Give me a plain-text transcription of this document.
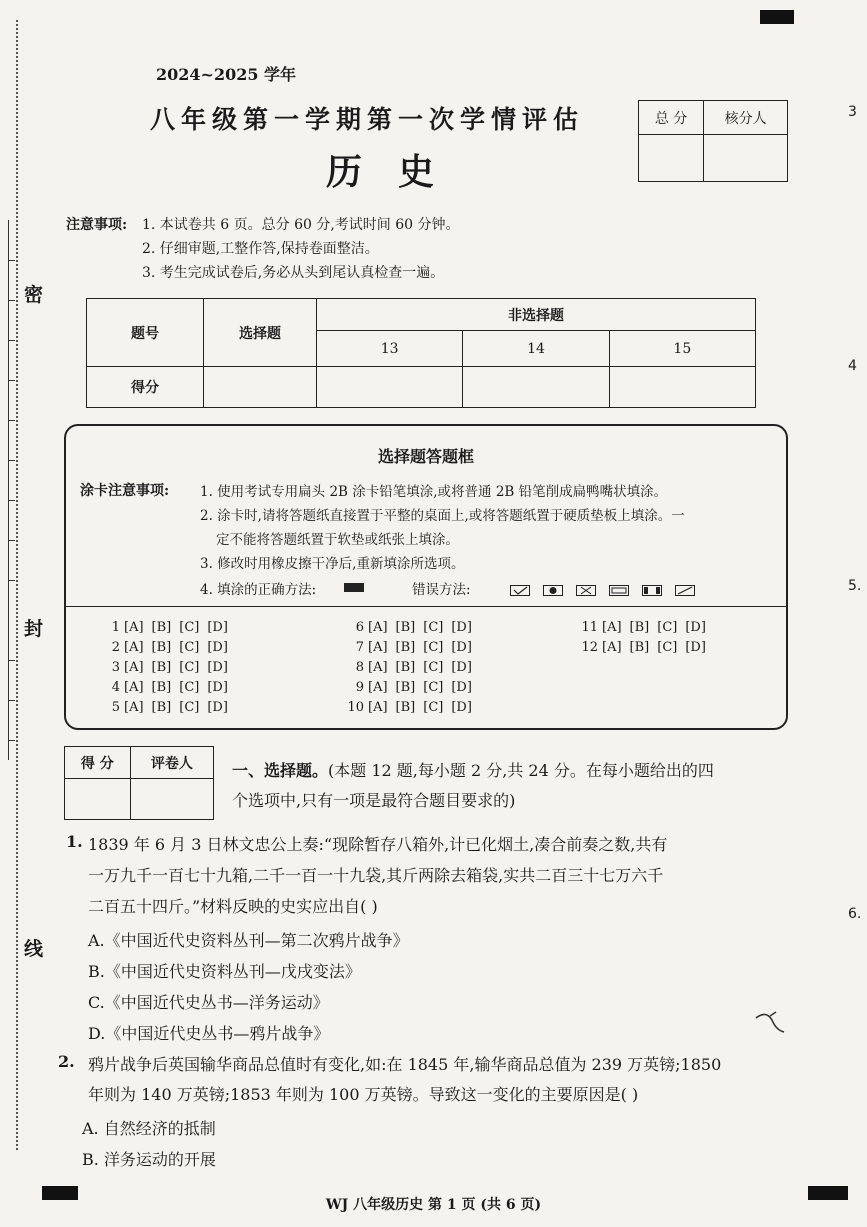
密
封
线
3
4
5.
6.
2024~2025 学年
八年级第一学期第一次学情评估
历史
总 分	核分人

注意事项: 1. 本试卷共 6 页。总分 60 分,考试时间 60 分钟。
2. 仔细审题,工整作答,保持卷面整洁。
3. 考生完成试卷后,务必从头到尾认真检查一遍。
题号	选择题	非选择题		
		13	14	15
得分				
选择题答题框
涂卡注意事项: 1. 使用考试专用扁头 2B 涂卡铅笔填涂,或将普通 2B 铅笔削成扁鸭嘴状填涂。
2. 涂卡时,请将答题纸直接置于平整的桌面上,或将答题纸置于硬质垫板上填涂。一
定不能将答题纸置于软垫或纸张上填涂。
3. 修改时用橡皮擦干净后,重新填涂所选项。
4. 填涂的正确方法:	错误方法:

1 [A] [B] [C] [D]
2 [A] [B] [C] [D]
3 [A] [B] [C] [D]
4 [A] [B] [C] [D]
5 [A] [B] [C] [D]
6 [A] [B] [C] [D]
7 [A] [B] [C] [D]
8 [A] [B] [C] [D]
9 [A] [B] [C] [D]
10 [A] [B] [C] [D]
11 [A] [B] [C] [D]
12 [A] [B] [C] [D]
得 分	评卷人
	一、选择题。(本题 12 题,每小题 2 分,共 24 分。在每小题给出的四
个选项中,只有一项是最符合题目要求的)
1. 1839 年 6 月 3 日林文忠公上奏:“现除暂存八箱外,计已化烟土,凑合前奏之数,共有
一万九千一百七十九箱,二千一百一十九袋,其斤两除去箱袋,实共二百三十七万六千
二百五十四斤。”材料反映的史实应出自( )
A.《中国近代史资料丛刊—第二次鸦片战争》
B.《中国近代史资料丛刊—戊戌变法》
C.《中国近代史丛书—洋务运动》
D.《中国近代史丛书—鸦片战争》
2. 鸦片战争后英国输华商品总值时有变化,如:在 1845 年,输华商品总值为 239 万英镑;1850
年则为 140 万英镑;1853 年则为 100 万英镑。导致这一变化的主要原因是( )
A. 自然经济的抵制
B. 洋务运动的开展
WJ 八年级历史 第 1 页 (共 6 页)
